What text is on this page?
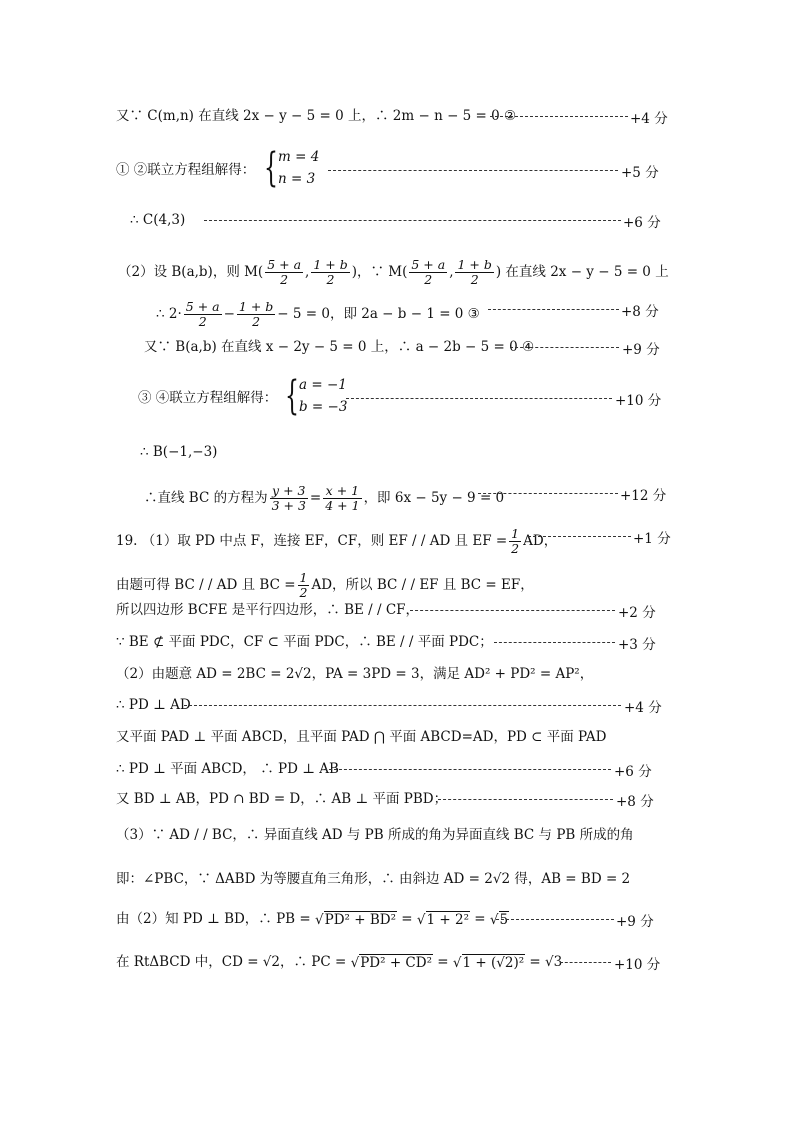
又∵ C(m,n) 在直线 2x − y − 5 = 0 上，∴ 2m − n − 5 = 0 ②	+4 分
① ②联立方程组解得： { m = 4
n = 3	+5 分
∴ C(4,3)	+6 分
（2）设 B(a,b)，则 $M( \frac{5 + a}{2}$ , $\frac{1 + b}{2}$ )，∵ $M( \frac{5 + a}{2}$ , $\frac{1 + b}{2}$ ) 在直线 2x − y − 5 = 0 上
∴ $2\cdot \frac{5 + a}{2} - \frac{1 + b}{2} - 5 = 0$，即 2a − b − 1 = 0 ③	+8 分
又∵ B(a,b) 在直线 x − 2y − 5 = 0 上，∴ a − 2b − 5 = 0 ④	+9 分
③ ④联立方程组解得： { a = −1
b = −3	+10 分
∴ B(−1,−3)
∴直线 BC 的方程为 $\frac{y + 3}{3 + 3} = \frac{x + 1}{4 + 1}$ ，即 6x − 5y − 9 = 0	+12 分
19. （1）取 PD 中点 F，连接 EF，CF，则 EF / / AD 且 EF = $\frac{1}{2}$ AD，	+1 分
由题可得 BC / / AD 且 BC = $\frac{1}{2}$ AD，所以 BC / / EF 且 BC = EF，
所以四边形 BCFE 是平行四边形，∴ BE / / CF，	+2 分
∵ BE ⊄ 平面 PDC，CF ⊂ 平面 PDC，∴ BE / / 平面 PDC；	+3 分
（2）由题意 AD = 2BC = 2√2，PA = 3PD = 3，满足 AD² + PD² = AP²，
∴ PD ⊥ AD	+4 分
又平面 PAD ⊥ 平面 ABCD，且平面 PAD ⋂ 平面 ABCD=AD，PD ⊂ 平面 PAD
∴ PD ⊥ 平面 ABCD， ∴ PD ⊥ AB	+6 分
又 BD ⊥ AB，PD ∩ BD = D，∴ AB ⊥ 平面 PBD；	+8 分
（3）∵ AD / / BC，∴ 异面直线 AD 与 PB 所成的角为异面直线 BC 与 PB 所成的角
即：∠PBC，∵ ΔABD 为等腰直角三角形，∴ 由斜边 AD = 2√2 得，AB = BD = 2
由（2）知 PD ⊥ BD，∴ PB = √PD² + BD² = √1 + 2² = √5	+9 分
在 RtΔBCD 中，CD = √2，∴ PC = √PD² + CD² = √1 + (√2)² = √3	+10 分
